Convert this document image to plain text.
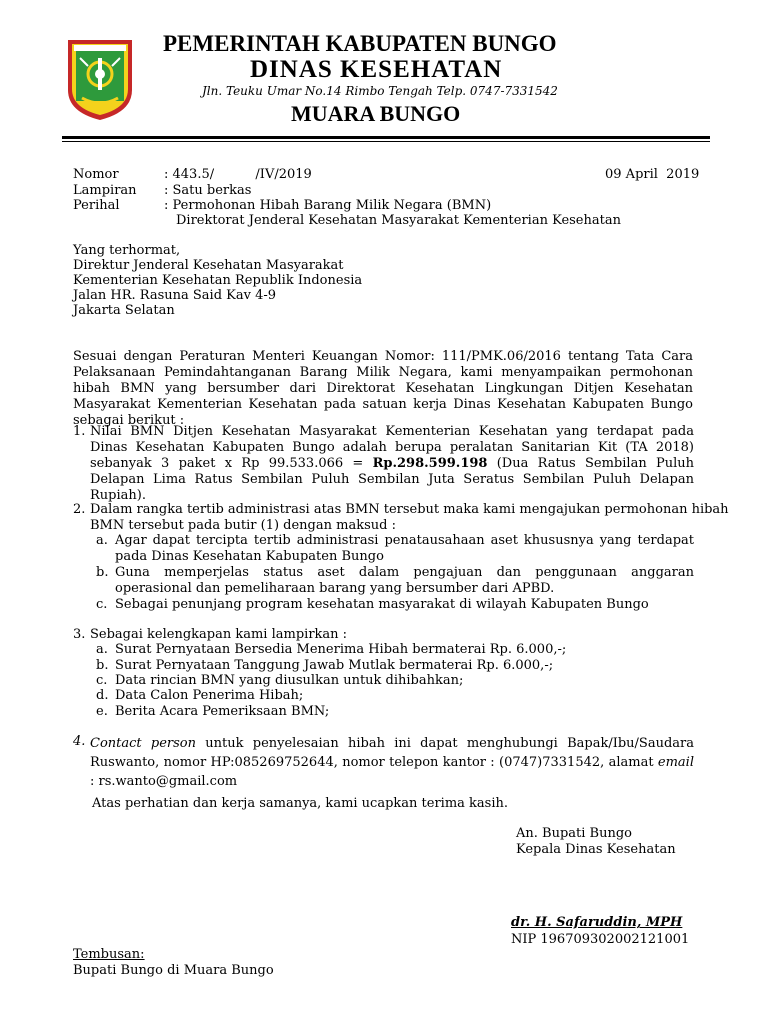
PEMERINTAH KABUPATEN BUNGO
DINAS KESEHATAN
Jln. Teuku Umar No.14 Rimbo Tengah Telp. 0747-7331542
MUARA BUNGO
Nomor	: 443.5/          /IV/2019	09 April  2019
Lampiran : Satu berkas
Perihal	: Permohonan Hibah Barang Milik Negara (BMN)
Direktorat Jenderal Kesehatan Masyarakat Kementerian Kesehatan
Yang terhormat,
Direktur Jenderal Kesehatan Masyarakat
Kementerian Kesehatan Republik Indonesia
Jalan HR. Rasuna Said Kav 4-9
Jakarta Selatan
Sesuai dengan Peraturan Menteri Keuangan Nomor: 111/PMK.06/2016 tentang Tata Cara Pelaksanaan Pemindahtanganan Barang Milik Negara, kami menyampaikan permohonan hibah BMN yang bersumber dari Direktorat Kesehatan Lingkungan Ditjen Kesehatan Masyarakat Kementerian Kesehatan pada satuan kerja Dinas Kesehatan Kabupaten Bungo sebagai berikut :
1. Nilai BMN Ditjen Kesehatan Masyarakat Kementerian Kesehatan yang terdapat pada Dinas Kesehatan Kabupaten Bungo adalah berupa peralatan Sanitarian Kit (TA 2018) sebanyak 3 paket x Rp 99.533.066 = Rp.298.599.198 (Dua Ratus Sembilan Puluh Delapan Lima Ratus Sembilan Puluh Sembilan Juta Seratus Sembilan Puluh Delapan Rupiah).
2. Dalam rangka tertib administrasi atas BMN tersebut maka kami mengajukan permohonan hibah
BMN tersebut pada butir (1) dengan maksud :
a. Agar dapat tercipta tertib administrasi penatausahaan aset khususnya yang terdapat pada Dinas Kesehatan Kabupaten Bungo
b. Guna memperjelas status aset dalam pengajuan dan penggunaan anggaran operasional dan pemeliharaan barang yang bersumber dari APBD.
c. Sebagai penunjang program kesehatan masyarakat di wilayah Kabupaten Bungo
3. Sebagai kelengkapan kami lampirkan :
a. Surat Pernyataan Bersedia Menerima Hibah bermaterai Rp. 6.000,-;
b. Surat Pernyataan Tanggung Jawab Mutlak bermaterai Rp. 6.000,-;
c. Data rincian BMN yang diusulkan untuk dihibahkan;
d. Data Calon Penerima Hibah;
e. Berita Acara Pemeriksaan BMN;
4. Contact person untuk penyelesaian hibah ini dapat menghubungi Bapak/Ibu/Saudara Ruswanto, nomor HP:085269752644, nomor telepon kantor : (0747)7331542, alamat email : rs.wanto@gmail.com
Atas perhatian dan kerja samanya, kami ucapkan terima kasih.
An. Bupati Bungo
Kepala Dinas Kesehatan
dr. H. Safaruddin, MPH
NIP 196709302002121001
Tembusan:
Bupati Bungo di Muara Bungo
